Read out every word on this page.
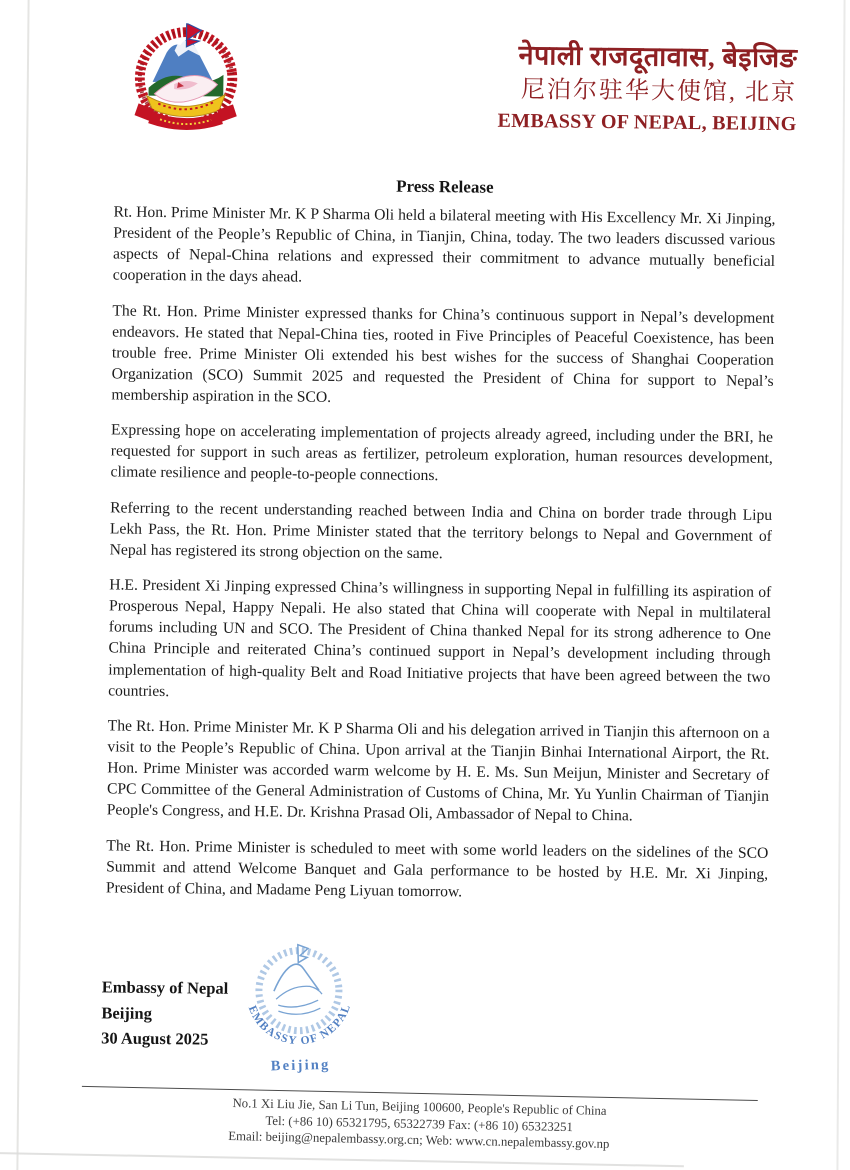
नेपाली राजदूतावास, बेइजिङ
尼泊尔驻华大使馆, 北京
EMBASSY OF NEPAL, BEIJING
Press Release

Rt. Hon. Prime Minister Mr. K P Sharma Oli held a bilateral meeting with His Excellency Mr. Xi Jinping, President of the People’s Republic of China, in Tianjin, China, today. The two leaders discussed various aspects of Nepal-China relations and expressed their commitment to advance mutually beneficial cooperation in the days ahead.

The Rt. Hon. Prime Minister expressed thanks for China’s continuous support in Nepal’s development endeavors. He stated that Nepal-China ties, rooted in Five Principles of Peaceful Coexistence, has been trouble free. Prime Minister Oli extended his best wishes for the success of Shanghai Cooperation Organization (SCO) Summit 2025 and requested the President of China for support to Nepal’s membership aspiration in the SCO.

Expressing hope on accelerating implementation of projects already agreed, including under the BRI, he requested for support in such areas as fertilizer, petroleum exploration, human resources development, climate resilience and people-to-people connections.

Referring to the recent understanding reached between India and China on border trade through Lipu Lekh Pass, the Rt. Hon. Prime Minister stated that the territory belongs to Nepal and Government of Nepal has registered its strong objection on the same.

H.E. President Xi Jinping expressed China’s willingness in supporting Nepal in fulfilling its aspiration of Prosperous Nepal, Happy Nepali. He also stated that China will cooperate with Nepal in multilateral forums including UN and SCO. The President of China thanked Nepal for its strong adherence to One China Principle and reiterated China’s continued support in Nepal’s development including through implementation of high-quality Belt and Road Initiative projects that have been agreed between the two countries.

The Rt. Hon. Prime Minister Mr. K P Sharma Oli and his delegation arrived in Tianjin this afternoon on a visit to the People’s Republic of China. Upon arrival at the Tianjin Binhai International Airport, the Rt. Hon. Prime Minister was accorded warm welcome by H. E. Ms. Sun Meijun, Minister and Secretary of CPC Committee of the General Administration of Customs of China, Mr. Yu Yunlin Chairman of Tianjin People's Congress, and H.E. Dr. Krishna Prasad Oli, Ambassador of Nepal to China.

The Rt. Hon. Prime Minister is scheduled to meet with some world leaders on the sidelines of the SCO Summit and attend Welcome Banquet and Gala performance to be hosted by H.E. Mr. Xi Jinping, President of China, and Madame Peng Liyuan tomorrow.

Embassy of Nepal
Beijing
30 August 2025
EMBASSY OF NEPAL
Beijing
No.1 Xi Liu Jie, San Li Tun, Beijing 100600, People's Republic of China
Tel: (+86 10) 65321795, 65322739 Fax: (+86 10) 65323251
Email: beijing@nepalembassy.org.cn; Web: www.cn.nepalembassy.gov.np
